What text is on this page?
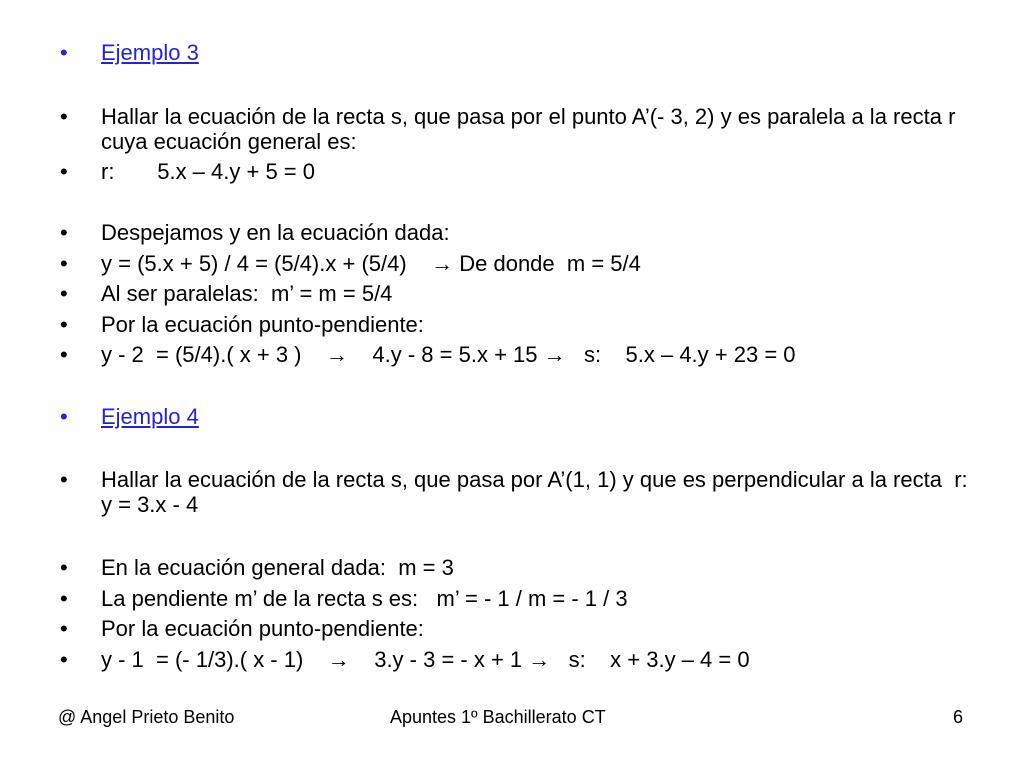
• Ejemplo 3
• Hallar la ecuación de la recta s, que pasa por el punto A’(- 3, 2) y es paralela a la recta r cuya ecuación general es:
• r:       5.x – 4.y + 5 = 0
• Despejamos y en la ecuación dada:
• y = (5.x + 5) / 4 = (5/4).x + (5/4)    → De donde  m = 5/4
• Al ser paralelas:  m’ = m = 5/4
• Por la ecuación punto-pendiente:
• y - 2  = (5/4).( x + 3 )    →    4.y - 8 = 5.x + 15 →   s:    5.x – 4.y + 23 = 0
• Ejemplo 4
• Hallar la ecuación de la recta s, que pasa por A’(1, 1) y que es perpendicular a la recta  r:   y = 3.x - 4
• En la ecuación general dada:  m = 3
• La pendiente m’ de la recta s es:   m’ = - 1 / m = - 1 / 3
• Por la ecuación punto-pendiente:
• y - 1  = (- 1/3).( x - 1)    →    3.y - 3 = - x + 1 →   s:    x + 3.y – 4 = 0
@ Angel Prieto Benito	Apuntes 1º Bachillerato CT	6
